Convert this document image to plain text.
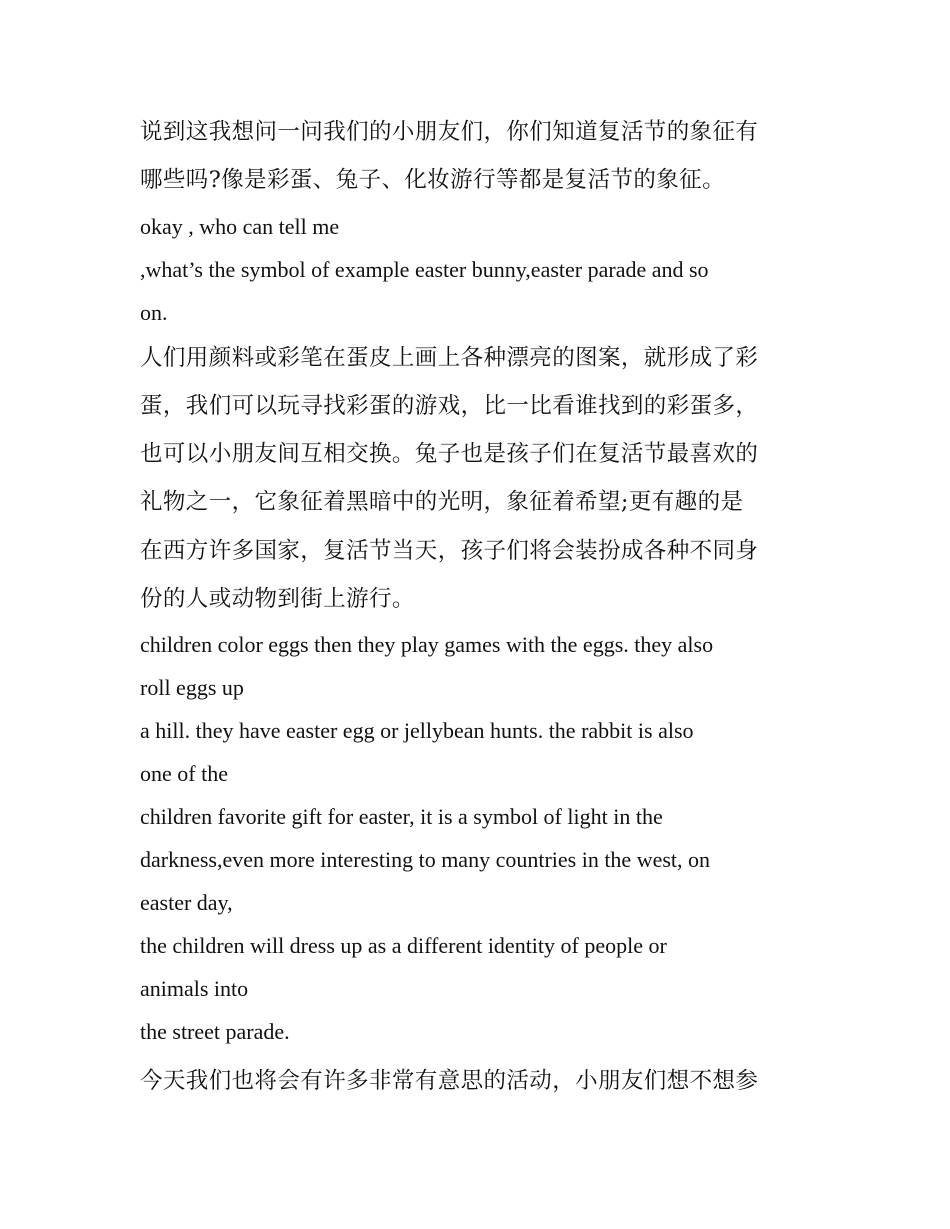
说到这我想问一问我们的小朋友们，你们知道复活节的象征有
哪些吗?像是彩蛋、兔子、化妆游行等都是复活节的象征。
okay , who can tell me
,what’s the symbol of example easter bunny,easter parade and so
on.
人们用颜料或彩笔在蛋皮上画上各种漂亮的图案，就形成了彩
蛋，我们可以玩寻找彩蛋的游戏，比一比看谁找到的彩蛋多，
也可以小朋友间互相交换。兔子也是孩子们在复活节最喜欢的
礼物之一，它象征着黑暗中的光明，象征着希望;更有趣的是
在西方许多国家，复活节当天，孩子们将会装扮成各种不同身
份的人或动物到街上游行。
children color eggs then they play games with the eggs. they also
roll eggs up
a hill. they have easter egg or jellybean hunts. the rabbit is also
one of the
children favorite gift for easter, it is a symbol of light in the
darkness,even more interesting to many countries in the west, on
easter day,
the children will dress up as a different identity of people or
animals into
the street parade.
今天我们也将会有许多非常有意思的活动，小朋友们想不想参
